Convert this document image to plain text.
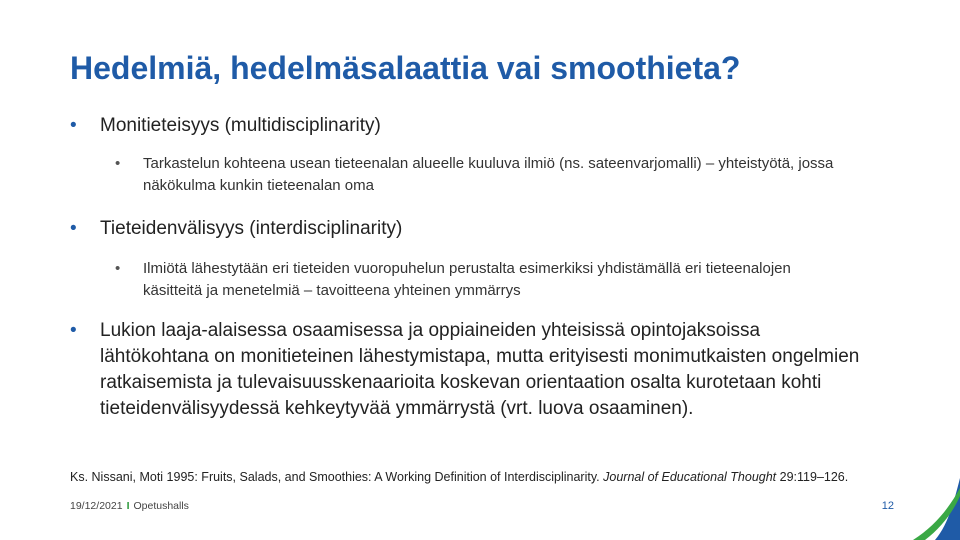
Hedelmiä, hedelmäsalaattia vai smoothieta?
• Monitieteisyys (multidisciplinarity)
• Tarkastelun kohteena usean tieteenalan alueelle kuuluva ilmiö (ns. sateenvarjomalli) – yhteistyötä, jossa näkökulma kunkin tieteenalan oma
• Tieteidenvälisyys (interdisciplinarity)
• Ilmiötä lähestytään eri tieteiden vuoropuhelun perustalta esimerkiksi yhdistämällä eri tieteenalojen käsitteitä ja menetelmiä – tavoitteena yhteinen ymmärrys
• Lukion laaja-alaisessa osaamisessa ja oppiaineiden yhteisissä opintojaksoissa lähtökohtana on monitieteinen lähestymistapa, mutta erityisesti monimutkaisten ongelmien ratkaisemista ja tulevaisuusskenaarioita koskevan orientaation osalta kurotetaan kohti tieteidenvälisyydessä kehkeytyvää ymmärrystä (vrt. luova osaaminen).
Ks. Nissani, Moti 1995: Fruits, Salads, and Smoothies: A Working Definition of Interdisciplinarity. Journal of Educational Thought 29:119–126.
19/12/2021 I Opetushalls	12
